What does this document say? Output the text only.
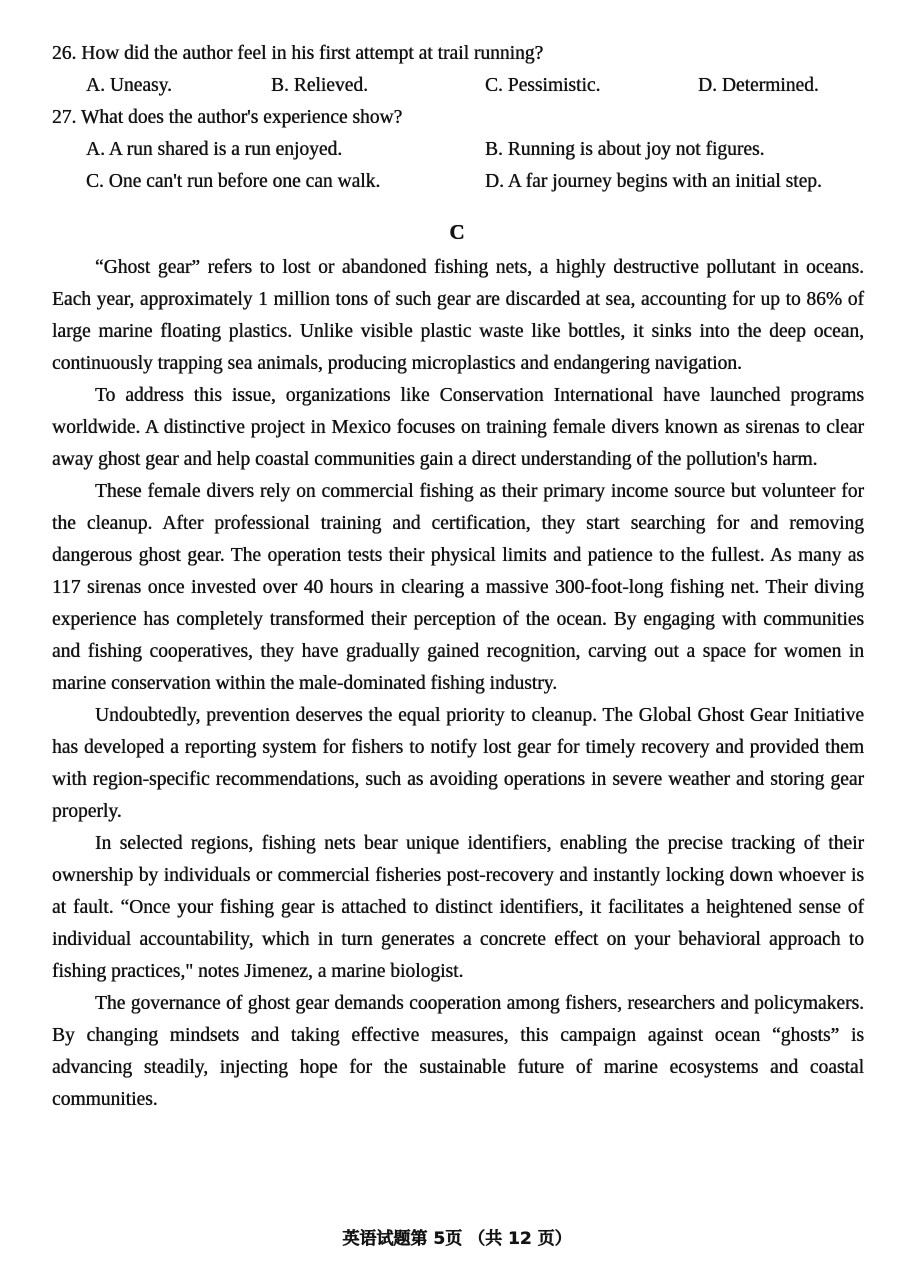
26. How did the author feel in his first attempt at trail running?
A. Uneasy.	B. Relieved.	C. Pessimistic.	D. Determined.
27. What does the author's experience show?
A. A run shared is a run enjoyed.	B. Running is about joy not figures.
C. One can't run before one can walk.	D. A far journey begins with an initial step.
C

“Ghost gear” refers to lost or abandoned fishing nets, a highly destructive pollutant in oceans. Each year, approximately 1 million tons of such gear are discarded at sea, accounting for up to 86% of large marine floating plastics. Unlike visible plastic waste like bottles, it sinks into the deep ocean, continuously trapping sea animals, producing microplastics and endangering navigation.

To address this issue, organizations like Conservation International have launched programs worldwide. A distinctive project in Mexico focuses on training female divers known as sirenas to clear away ghost gear and help coastal communities gain a direct understanding of the pollution's harm.

These female divers rely on commercial fishing as their primary income source but volunteer for the cleanup. After professional training and certification, they start searching for and removing dangerous ghost gear. The operation tests their physical limits and patience to the fullest. As many as 117 sirenas once invested over 40 hours in clearing a massive 300-foot-long fishing net. Their diving experience has completely transformed their perception of the ocean. By engaging with communities and fishing cooperatives, they have gradually gained recognition, carving out a space for women in marine conservation within the male-dominated fishing industry.

Undoubtedly, prevention deserves the equal priority to cleanup. The Global Ghost Gear Initiative has developed a reporting system for fishers to notify lost gear for timely recovery and provided them with region-specific recommendations, such as avoiding operations in severe weather and storing gear properly.

In selected regions, fishing nets bear unique identifiers, enabling the precise tracking of their ownership by individuals or commercial fisheries post-recovery and instantly locking down whoever is at fault. “Once your fishing gear is attached to distinct identifiers, it facilitates a heightened sense of individual accountability, which in turn generates a concrete effect on your behavioral approach to fishing practices," notes Jimenez, a marine biologist.

The governance of ghost gear demands cooperation among fishers, researchers and policymakers. By changing mindsets and taking effective measures, this campaign against ocean “ghosts” is advancing steadily, injecting hope for the sustainable future of marine ecosystems and coastal communities.

英语试题第 5页 （共 12 页）
